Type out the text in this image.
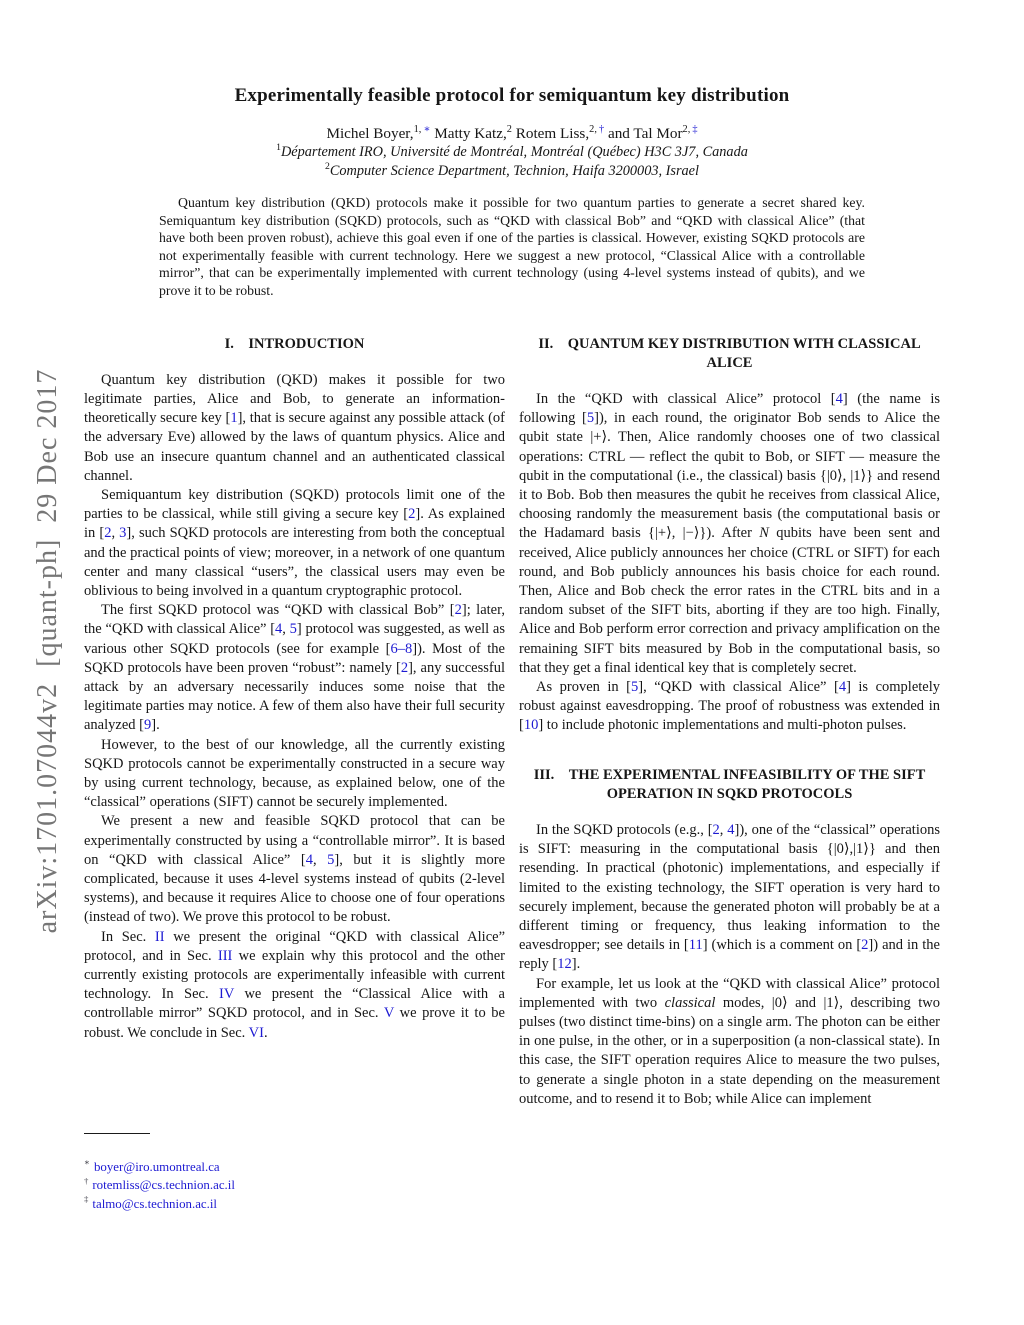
arXiv:1701.07044v2  [quant-ph]  29 Dec 2017
Experimentally feasible protocol for semiquantum key distribution
Michel Boyer,$^{1,}$ ∗ Matty Katz,$^2$ Rotem Liss,$^{2,}$ † and Tal Mor$^{2,}$ ‡
$^1$Département IRO, Université de Montréal, Montréal (Québec) H3C 3J7, Canada
$^2$Computer Science Department, Technion, Haifa 3200003, Israel
Quantum key distribution (QKD) protocols make it possible for two quantum parties to generate a secret shared key. Semiquantum key distribution (SQKD) protocols, such as “QKD with classical Bob” and “QKD with classical Alice” (that have both been proven robust), achieve this goal even if one of the parties is classical. However, existing SQKD protocols are not experimentally feasible with current technology. Here we suggest a new protocol, “Classical Alice with a controllable mirror”, that can be experimentally implemented with current technology (using 4-level systems instead of qubits), and we prove it to be robust.
I.  INTRODUCTION

Quantum key distribution (QKD) makes it possible for two legitimate parties, Alice and Bob, to generate an information-theoretically secure key [1], that is secure against any possible attack (of the adversary Eve) allowed by the laws of quantum physics. Alice and Bob use an insecure quantum channel and an authenticated classical channel.

Semiquantum key distribution (SQKD) protocols limit one of the parties to be classical, while still giving a secure key [2]. As explained in [2, 3], such SQKD protocols are interesting from both the conceptual and the practical points of view; moreover, in a network of one quantum center and many classical “users”, the classical users may even be oblivious to being involved in a quantum cryptographic protocol.

The first SQKD protocol was “QKD with classical Bob” [2]; later, the “QKD with classical Alice” [4, 5] protocol was suggested, as well as various other SQKD protocols (see for example [6–8]). Most of the SQKD protocols have been proven “robust”: namely [2], any successful attack by an adversary necessarily induces some noise that the legitimate parties may notice. A few of them also have their full security analyzed [9].

However, to the best of our knowledge, all the currently existing SQKD protocols cannot be experimentally constructed in a secure way by using current technology, because, as explained below, one of the “classical” operations (SIFT) cannot be securely implemented.

We present a new and feasible SQKD protocol that can be experimentally constructed by using a “controllable mirror”. It is based on “QKD with classical Alice” [4, 5], but it is slightly more complicated, because it uses 4-level systems instead of qubits (2-level systems), and because it requires Alice to choose one of four operations (instead of two). We prove this protocol to be robust.

In Sec. II we present the original “QKD with classical Alice” protocol, and in Sec. III we explain why this protocol and the other currently existing protocols are experimentally infeasible with current technology. In Sec. IV we present the “Classical Alice with a controllable mirror” SQKD protocol, and in Sec. V we prove it to be robust. We conclude in Sec. VI.

II.  QUANTUM KEY DISTRIBUTION WITH CLASSICAL
ALICE

In the “QKD with classical Alice” protocol [4] (the name is following [5]), in each round, the originator Bob sends to Alice the qubit state |+⟩. Then, Alice randomly chooses one of two classical operations: CTRL — reflect the qubit to Bob, or SIFT — measure the qubit in the computational (i.e., the classical) basis {|0⟩, |1⟩} and resend it to Bob. Bob then measures the qubit he receives from classical Alice, choosing randomly the measurement basis (the computational basis or the Hadamard basis {|+⟩, |−⟩}). After N qubits have been sent and received, Alice publicly announces her choice (CTRL or SIFT) for each round, and Bob publicly announces his basis choice for each round. Then, Alice and Bob check the error rates in the CTRL bits and in a random subset of the SIFT bits, aborting if they are too high. Finally, Alice and Bob perform error correction and privacy amplification on the remaining SIFT bits measured by Bob in the computational basis, so that they get a final identical key that is completely secret.

As proven in [5], “QKD with classical Alice” [4] is completely robust against eavesdropping. The proof of robustness was extended in [10] to include photonic implementations and multi-photon pulses.

III.  THE EXPERIMENTAL INFEASIBILITY OF THE SIFT
OPERATION IN SQKD PROTOCOLS

In the SQKD protocols (e.g., [2, 4]), one of the “classical” operations is SIFT: measuring in the computational basis {|0⟩,|1⟩} and then resending. In practical (photonic) implementations, and especially if limited to the existing technology, the SIFT operation is very hard to securely implement, because the generated photon will probably be at a different timing or frequency, thus leaking information to the eavesdropper; see details in [11] (which is a comment on [2]) and in the reply [12].

For example, let us look at the “QKD with classical Alice” protocol implemented with two classical modes, |0⟩ and |1⟩, describing two pulses (two distinct time-bins) on a single arm. The photon can be either in one pulse, in the other, or in a superposition (a non-classical state). In this case, the SIFT operation requires Alice to measure the two pulses, to generate a single photon in a state depending on the measurement outcome, and to resend it to Bob; while Alice can implement

∗ boyer@iro.umontreal.ca
† rotemliss@cs.technion.ac.il
‡ talmo@cs.technion.ac.il
